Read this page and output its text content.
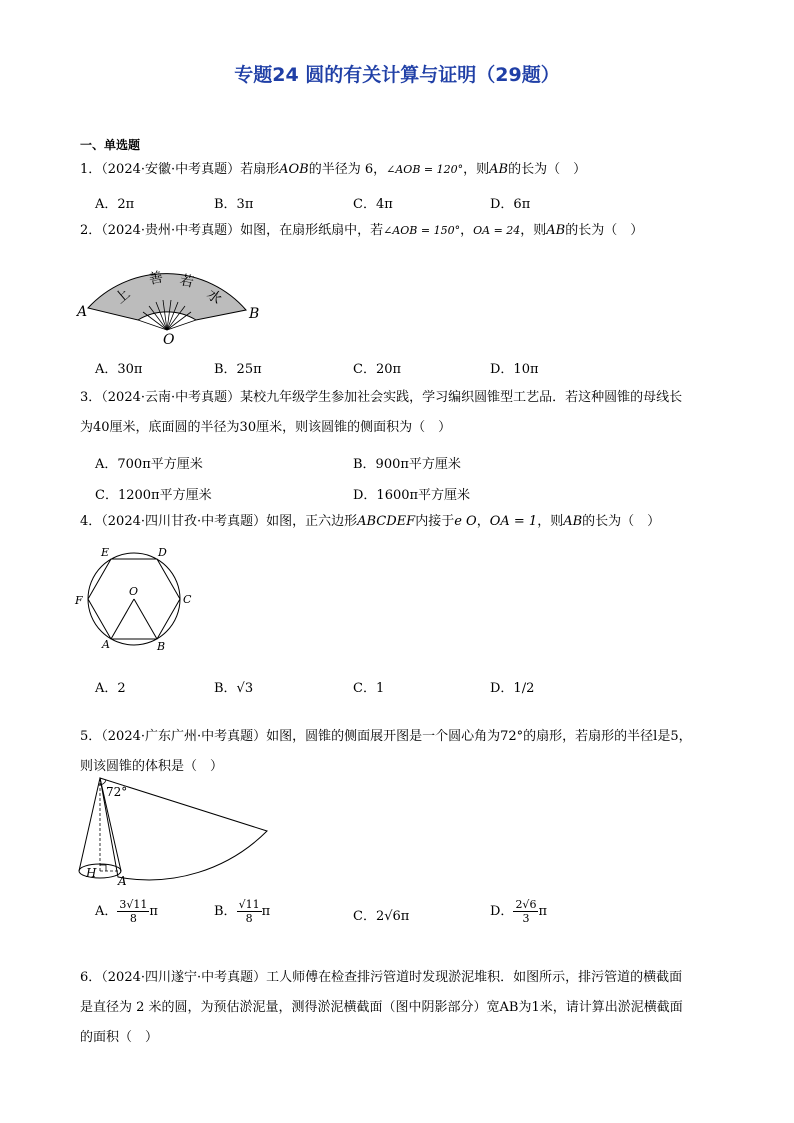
专题24 圆的有关计算与证明（29题）
一、单选题
1．（2024·安徽·中考真题）若扇形AOB的半径为 6，∠AOB = 120°，则AB的长为（　）
A．2π	B．3π	C．4π	D．6π
2．（2024·贵州·中考真题）如图，在扇形纸扇中，若∠AOB = 150°，OA = 24，则AB的长为（　）
上
善 若
水
A	B
O
A．30π	B．25π	C．20π	D．10π
3．（2024·云南·中考真题）某校九年级学生参加社会实践，学习编织圆锥型工艺品．若这种圆锥的母线长
为40厘米，底面圆的半径为30厘米，则该圆锥的侧面积为（　）
A．700π平方厘米	B．900π平方厘米
C．1200π平方厘米	D．1600π平方厘米
4．（2024·四川甘孜·中考真题）如图，正六边形ABCDEF内接于e O，OA = 1，则AB的长为（　）
A	B
C
D
E
F
O
A．2	B．√3	C．1	D．1/2
5．（2024·广东广州·中考真题）如图，圆锥的侧面展开图是一个圆心角为72°的扇形，若扇形的半径l是5，
则该圆锥的体积是（　）
72°
H
A
A． $\frac{3√11}{8}$ π	B． $\frac{√11}{8}$ π	C．2√6π	D． $\frac{2√6}{3}$ π
6．（2024·四川遂宁·中考真题）工人师傅在检查排污管道时发现淤泥堆积．如图所示，排污管道的横截面
是直径为 2 米的圆，为预估淤泥量，测得淤泥横截面（图中阴影部分）宽AB为1米，请计算出淤泥横截面
的面积（　）
